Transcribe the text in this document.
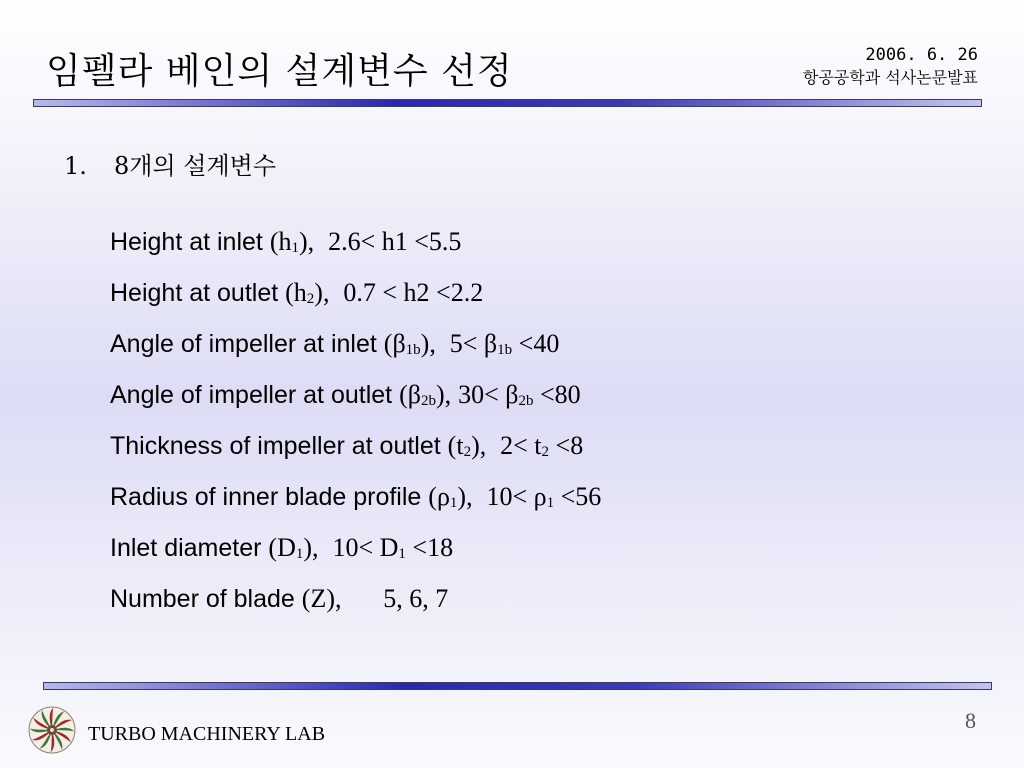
임펠라 베인의 설계변수 선정	2006. 6. 26
항공공학과 석사논문발표
1. 8개의 설계변수
Height at inlet $(h_1)$, 2.6< h1 <5.5
Height at outlet $(h_2)$, 0.7 < h2 <2.2
Angle of impeller at inlet $(\beta_{1b})$, $5< \beta_{1b} <40$
Angle of impeller at outlet $(\beta_{2b})$, $30< \beta_{2b} <80$
Thickness of impeller at outlet $(t_2)$, $2< t_2 <8$
Radius of inner blade profile $(\rho_1)$, $10< \rho_1 <56$
Inlet diameter $(D_1)$, $10< D_1 <18$
Number of blade (Z), 5, 6, 7
TURBO MACHINERY LAB
8
